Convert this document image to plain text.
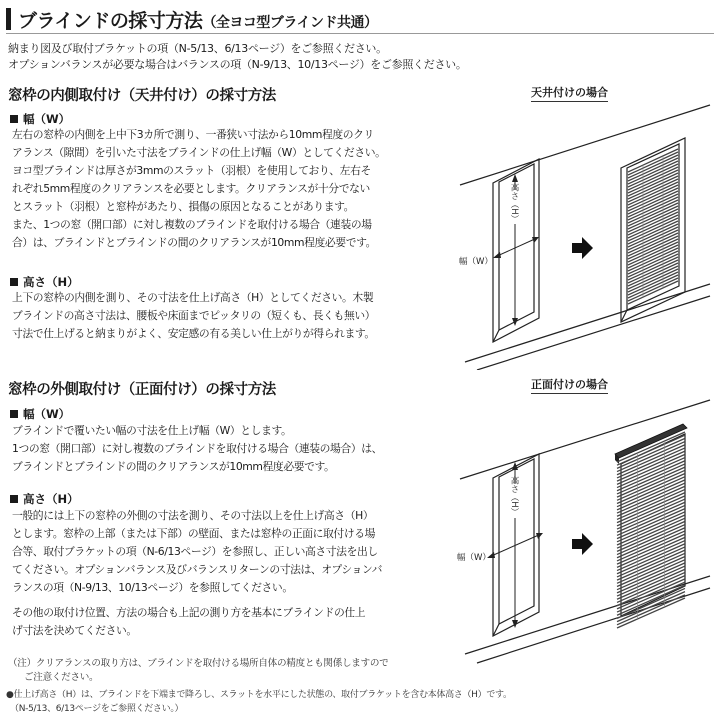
ブラインドの採寸方法（全ヨコ型ブラインド共通）
納まり図及び取付ブラケットの項（N-5/13、6/13ページ）をご参照ください。
オプションバランスが必要な場合はバランスの項（N-9/13、10/13ページ）をご参照ください。
窓枠の内側取付け（天井付け）の採寸方法	天井付けの場合
幅（W）

左右の窓枠の内側を上中下3カ所で測り、一番狭い寸法から10mm程度のクリ

アランス（隙間）を引いた寸法をブラインドの仕上げ幅（W）としてください。

ヨコ型ブラインドは厚さが3mmのスラット（羽根）を使用しており、左右そ

れぞれ5mm程度のクリアランスを必要とします。クリアランスが十分でない

とスラット（羽根）と窓枠があたり、損傷の原因となることがあります。

また、1つの窓（開口部）に対し複数のブラインドを取付ける場合（連装の場

合）は、ブラインドとブラインドの間のクリアランスが10mm程度必要です。

高さ（H）

上下の窓枠の内側を測り、その寸法を仕上げ高さ（H）としてください。木製

ブラインドの高さ寸法は、腰板や床面までピッタリの（短くも、長くも無い）

寸法で仕上げると納まりがよく、安定感の有る美しい仕上がりが得られます。

窓枠の外側取付け（正面付け）の採寸方法	正面付けの場合
幅（W）

ブラインドで覆いたい幅の寸法を仕上げ幅（W）とします。

1つの窓（開口部）に対し複数のブラインドを取付ける場合（連装の場合）は、

ブラインドとブラインドの間のクリアランスが10mm程度必要です。

高さ（H）

一般的には上下の窓枠の外側の寸法を測り、その寸法以上を仕上げ高さ（H）

とします。窓枠の上部（または下部）の壁面、または窓枠の正面に取付ける場

合等、取付ブラケットの項（N-6/13ページ）を参照し、正しい高さ寸法を出し

てください。オプションバランス及びバランスリターンの寸法は、オプションバ

ランスの項（N-9/13、10/13ページ）を参照してください。

その他の取付け位置、方法の場合も上記の測り方を基本にブラインドの仕上

げ寸法を決めてください。

（注）クリアランスの取り方は、ブラインドを取付ける場所自体の精度とも関係しますので
ご注意ください。
●仕上げ高さ（H）は、ブラインドを下端まで降ろし、スラットを水平にした状態の、取付ブラケットを含む本体高さ（H）です。
（N-5/13、6/13ページをご参照ください。）
高さ（H）
幅（W）
高さ（H）
幅（W）
